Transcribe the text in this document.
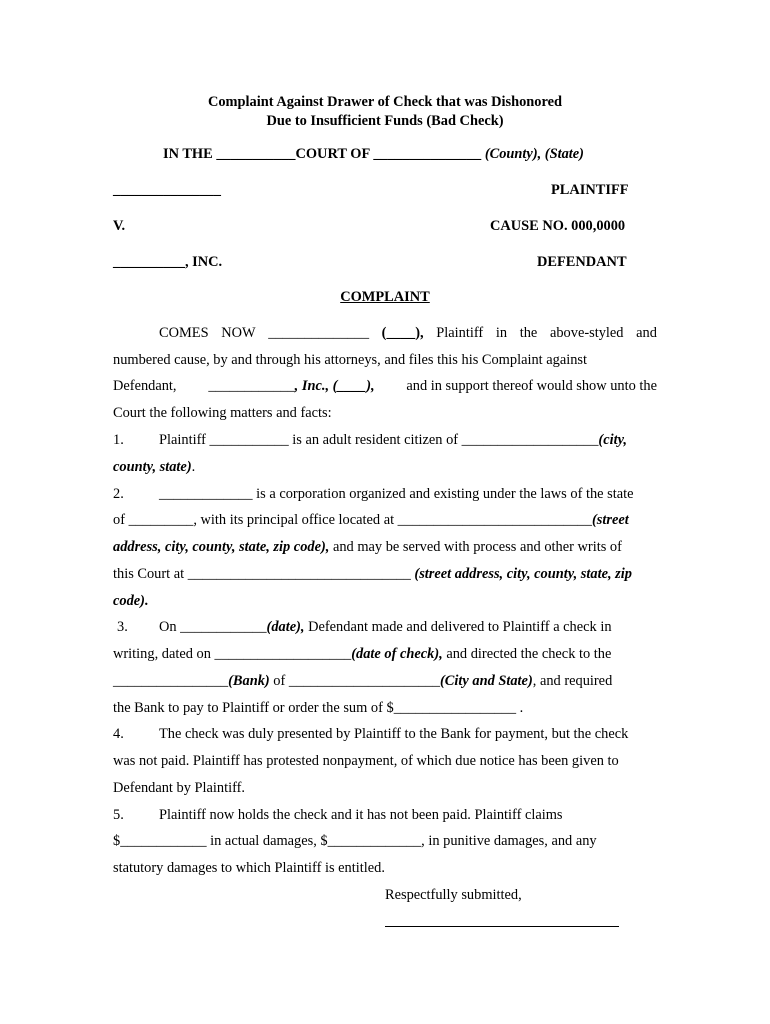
Complaint Against Drawer of Check that was Dishonored
Due to Insufficient Funds (Bad Check)
IN THE ___________COURT OF _______________ (County), (State)
_______________	PLAINTIFF
V.	CAUSE NO. 000,0000
__________, INC.	DEFENDANT
COMPLAINT
COMES NOW ______________ (____), Plaintiff in the above-styled and
numbered cause, by and through his attorneys, and files this his Complaint against
Defendant, ____________, Inc., (____), and in support thereof would show unto the
Court the following matters and facts:
1. Plaintiff ___________ is an adult resident citizen of ___________________(city,
county, state).
2. _____________ is a corporation organized and existing under the laws of the state
of _________, with its principal office located at ___________________________(street
address, city, county, state, zip code), and may be served with process and other writs of
this Court at _______________________________ (street address, city, county, state, zip
code).
3. On ____________(date), Defendant made and delivered to Plaintiff a check in
writing, dated on ___________________(date of check), and directed the check to the
________________(Bank) of _____________________(City and State), and required
the Bank to pay to Plaintiff or order the sum of $_________________ .
4. The check was duly presented by Plaintiff to the Bank for payment, but the check
was not paid. Plaintiff has protested nonpayment, of which due notice has been given to
Defendant by Plaintiff.
5. Plaintiff now holds the check and it has not been paid. Plaintiff claims
$____________ in actual damages, $_____________, in punitive damages, and any
statutory damages to which Plaintiff is entitled.
Respectfully submitted,
